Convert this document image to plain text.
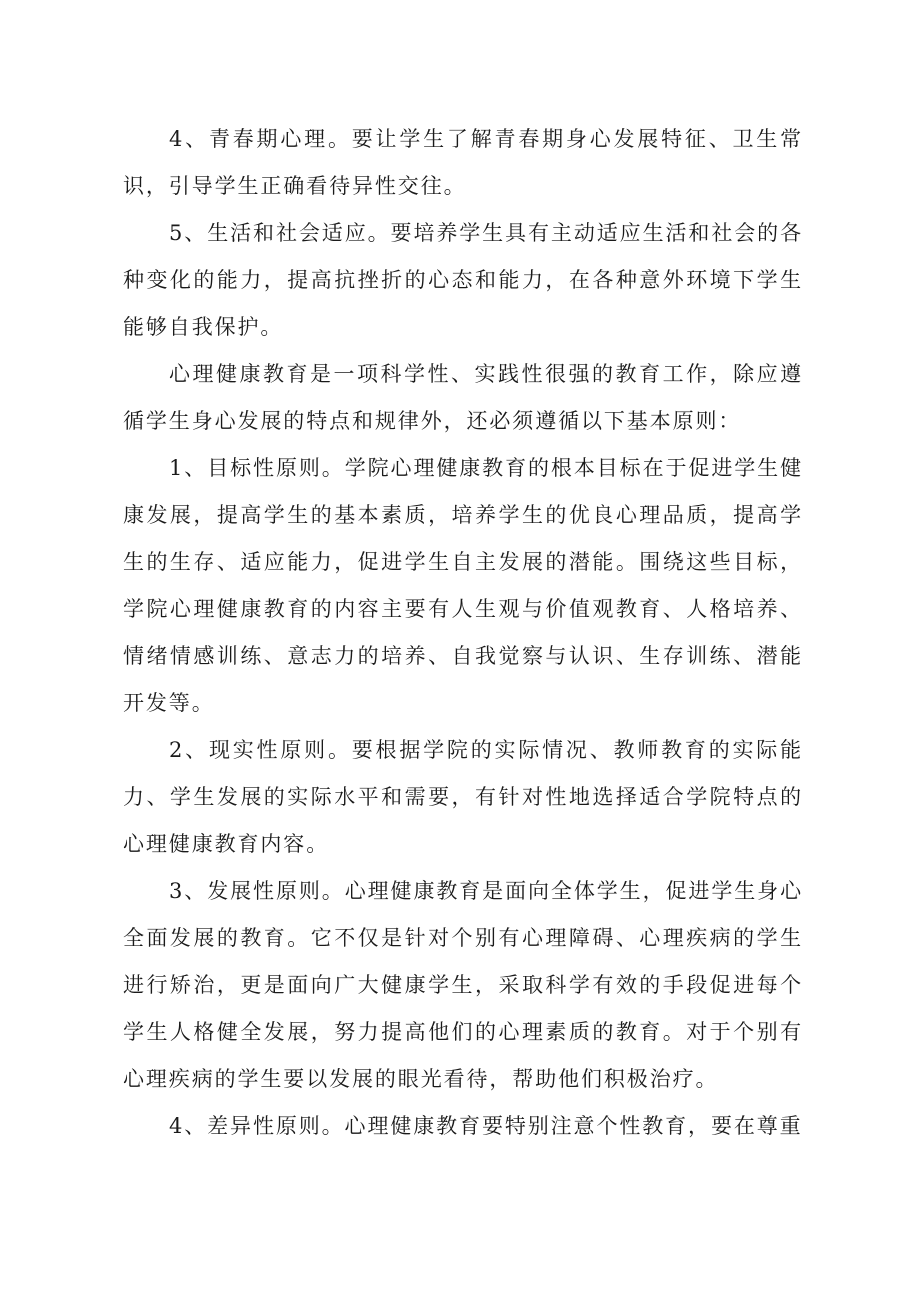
4、青春期心理。要让学生了解青春期身心发展特征、卫生常识，引导学生正确看待异性交往。

5、生活和社会适应。要培养学生具有主动适应生活和社会的各种变化的能力，提高抗挫折的心态和能力，在各种意外环境下学生能够自我保护。

心理健康教育是一项科学性、实践性很强的教育工作，除应遵循学生身心发展的特点和规律外，还必须遵循以下基本原则：

1、目标性原则。学院心理健康教育的根本目标在于促进学生健康发展，提高学生的基本素质，培养学生的优良心理品质，提高学生的生存、适应能力，促进学生自主发展的潜能。围绕这些目标，学院心理健康教育的内容主要有人生观与价值观教育、人格培养、情绪情感训练、意志力的培养、自我觉察与认识、生存训练、潜能开发等。

2、现实性原则。要根据学院的实际情况、教师教育的实际能力、学生发展的实际水平和需要，有针对性地选择适合学院特点的心理健康教育内容。

3、发展性原则。心理健康教育是面向全体学生，促进学生身心全面发展的教育。它不仅是针对个别有心理障碍、心理疾病的学生进行矫治，更是面向广大健康学生，采取科学有效的手段促进每个学生人格健全发展，努力提高他们的心理素质的教育。对于个别有心理疾病的学生要以发展的眼光看待，帮助他们积极治疗。

4、差异性原则。心理健康教育要特别注意个性教育，要在尊重
